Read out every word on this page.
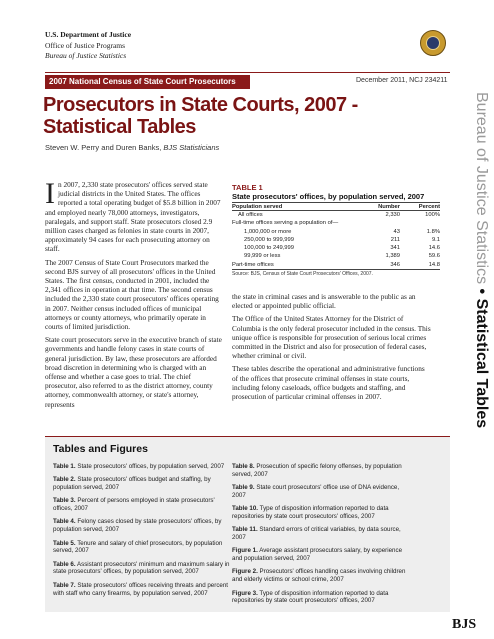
U.S. Department of Justice
Office of Justice Programs
Bureau of Justice Statistics
2007 National Census of State Court Prosecutors	December 2011, NCJ 234211
Prosecutors in State Courts, 2007 - Statistical Tables
Steven W. Perry and Duren Banks, BJS Statisticians	Bureau of Justice Statistics • Statistical Tables

In 2007, 2,330 state prosecutors' offices served state judicial districts in the United States. The offices reported a total operating budget of $5.8 billion in 2007 and employed nearly 78,000 attorneys, investigators, paralegals, and support staff. State prosecutors closed 2.9 million cases charged as felonies in state courts in 2007, approximately 94 cases for each prosecuting attorney on staff.

The 2007 Census of State Court Prosecutors marked the second BJS survey of all prosecutors' offices in the United States. The first census, conducted in 2001, included the 2,341 offices in operation at that time. The second census included the 2,330 state court prosecutors' offices operating in 2007. Neither census included offices of municipal attorneys or county attorneys, who primarily operate in courts of limited jurisdiction.

State court prosecutors serve in the executive branch of state governments and handle felony cases in state courts of general jurisdiction. By law, these prosecutors are afforded broad discretion in determining who is charged with an offense and whether a case goes to trial. The chief prosecutor, also referred to as the district attorney, county attorney, commonwealth attorney, or state's attorney, represents

TABLE 1
State prosecutors' offices, by population served, 2007
Population served	Number	Percent
All offices	2,330	100%
Full-time offices serving a population of—		
1,000,000 or more	43	1.8%
250,000 to 999,999	211	9.1
100,000 to 249,999	341	14.6
99,999 or less	1,389	59.6
Part-time offices	346	14.8
Source: BJS, Census of State Court Prosecutors' Offices, 2007.

the state in criminal cases and is answerable to the public as an elected or appointed public official.

The Office of the United States Attorney for the District of Columbia is the only federal prosecutor included in the census. This unique office is responsible for prosecution of serious local crimes committed in the District and also for prosecution of federal cases, whether criminal or civil.

These tables describe the operational and administrative functions of the offices that prosecute criminal offenses in state courts, including felony caseloads, office budgets and staffing, and prosecution of particular criminal offenses in 2007.

Tables and Figures
Table 1. State prosecutors' offices, by population served, 2007
Table 2. State prosecutors' offices budget and staffing, by population served, 2007
Table 3. Percent of persons employed in state prosecutors' offices, 2007
Table 4. Felony cases closed by state prosecutors' offices, by population served, 2007
Table 5. Tenure and salary of chief prosecutors, by population served, 2007
Table 6. Assistant prosecutors' minimum and maximum salary in state prosecutors' offices, by population served, 2007
Table 7. State prosecutors' offices receiving threats and percent with staff who carry firearms, by population served, 2007
Table 8. Prosecution of specific felony offenses, by population served, 2007
Table 9. State court prosecutors' office use of DNA evidence, 2007
Table 10. Type of disposition information reported to data repositories by state court prosecutors' offices, 2007
Table 11. Standard errors of critical variables, by data source, 2007
Figure 1. Average assistant prosecutors salary, by experience and population served, 2007
Figure 2. Prosecutors' offices handling cases involving children and elderly victims or school crime, 2007
Figure 3. Type of disposition information reported to data repositories by state court prosecutors' offices, 2007
BJS
